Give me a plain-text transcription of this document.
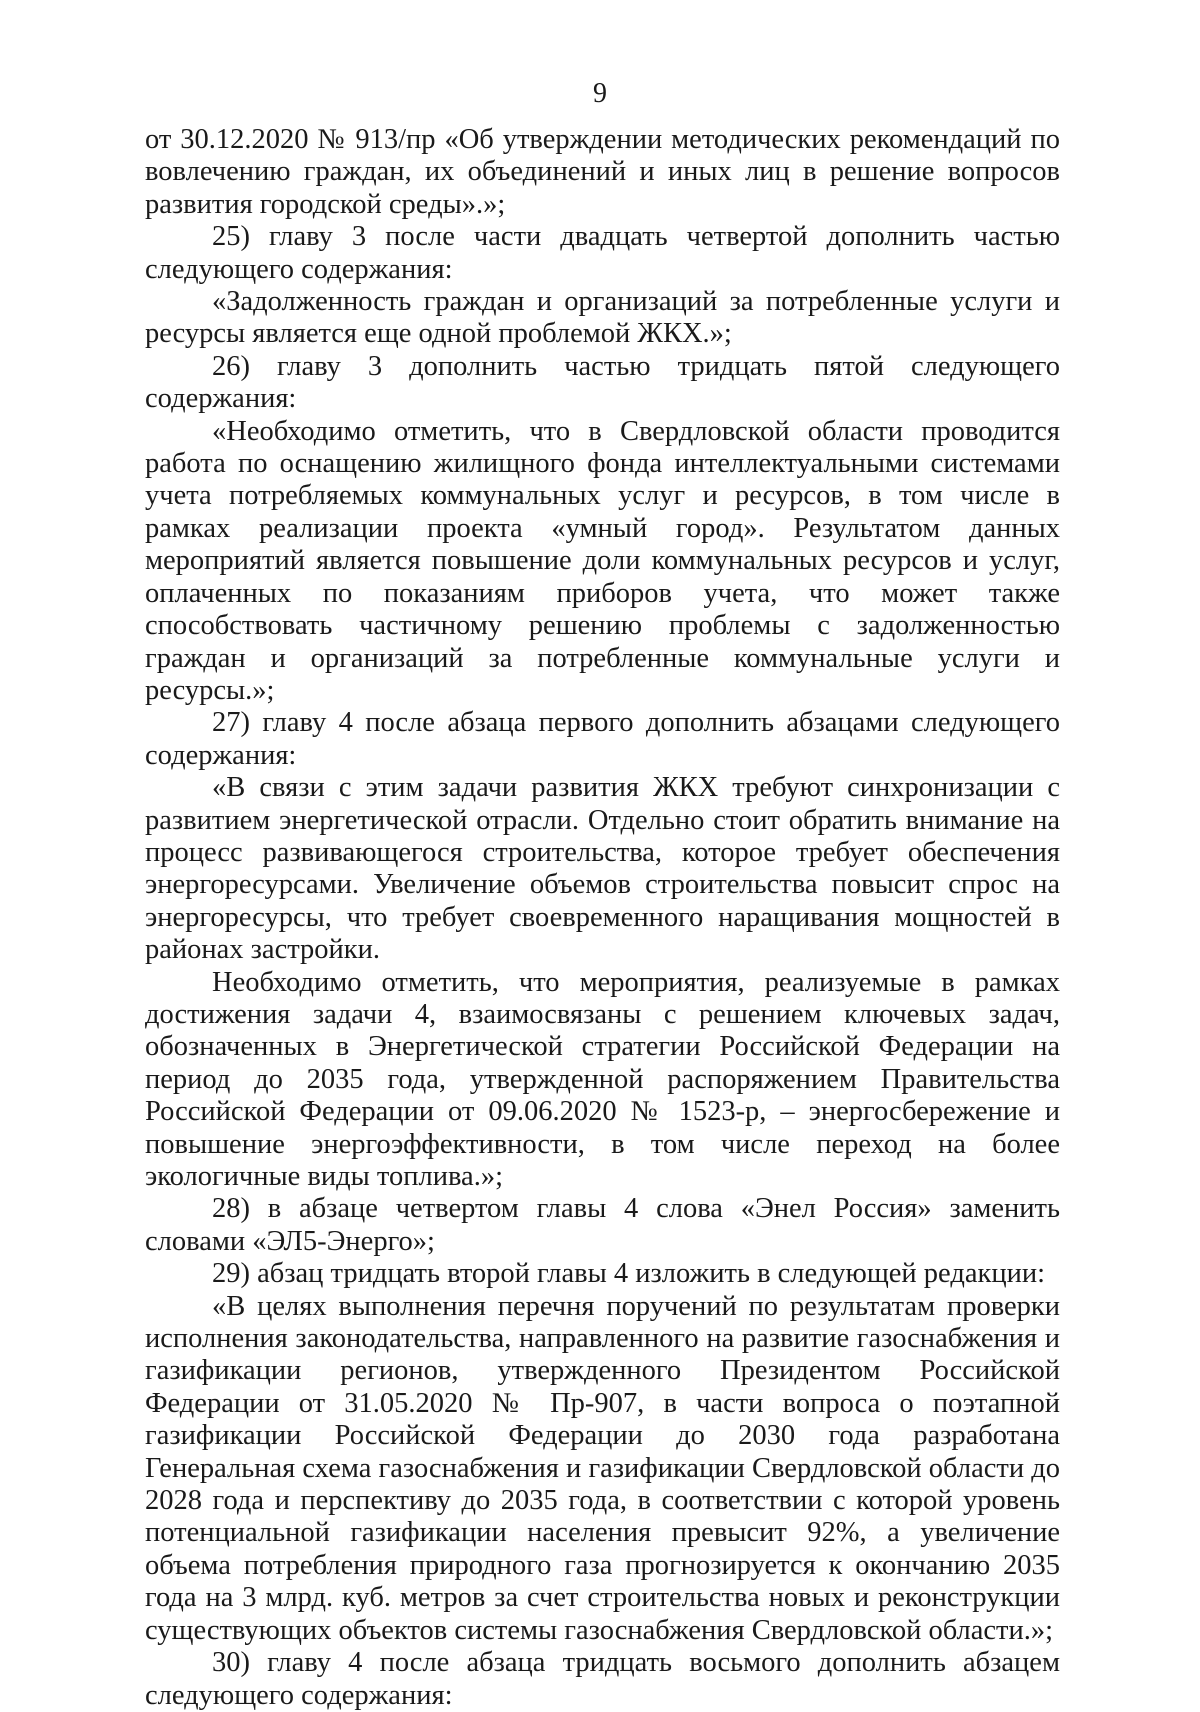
9

от 30.12.2020 № 913/пр «Об утверждении методических рекомендаций по вовлечению граждан, их объединений и иных лиц в решение вопросов развития городской среды».»;

25) главу 3 после части двадцать четвертой дополнить частью следующего содержания:

«Задолженность граждан и организаций за потребленные услуги и ресурсы является еще одной проблемой ЖКХ.»;

26) главу 3 дополнить частью тридцать пятой следующего содержания:

«Необходимо отметить, что в Свердловской области проводится работа по оснащению жилищного фонда интеллектуальными системами учета потребляемых коммунальных услуг и ресурсов, в том числе в рамках реализации проекта «умный город». Результатом данных мероприятий является повышение доли коммунальных ресурсов и услуг, оплаченных по показаниям приборов учета, что может также способствовать частичному решению проблемы с задолженностью граждан и организаций за потребленные коммунальные услуги и ресурсы.»;

27) главу 4 после абзаца первого дополнить абзацами следующего содержания:

«В связи с этим задачи развития ЖКХ требуют синхронизации с развитием энергетической отрасли. Отдельно стоит обратить внимание на процесс развивающегося строительства, которое требует обеспечения энергоресурсами. Увеличение объемов строительства повысит спрос на энергоресурсы, что требует своевременного наращивания мощностей в районах застройки.

Необходимо отметить, что мероприятия, реализуемые в рамках достижения задачи 4, взаимосвязаны с решением ключевых задач, обозначенных в Энергетической стратегии Российской Федерации на период до 2035 года, утвержденной распоряжением Правительства Российской Федерации от 09.06.2020 № 1523-р, – энергосбережение и повышение энергоэффективности, в том числе переход на более экологичные виды топлива.»;

28) в абзаце четвертом главы 4 слова «Энел Россия» заменить словами «ЭЛ5-Энерго»;

29) абзац тридцать второй главы 4 изложить в следующей редакции:

«В целях выполнения перечня поручений по результатам проверки исполнения законодательства, направленного на развитие газоснабжения и газификации регионов, утвержденного Президентом Российской Федерации от 31.05.2020 № Пр-907, в части вопроса о поэтапной газификации Российской Федерации до 2030 года разработана Генеральная схема газоснабжения и газификации Свердловской области до 2028 года и перспективу до 2035 года, в соответствии с которой уровень потенциальной газификации населения превысит 92%, а увеличение объема потребления природного газа прогнозируется к окончанию 2035 года на 3 млрд. куб. метров за счет строительства новых и реконструкции существующих объектов системы газоснабжения Свердловской области.»;

30) главу 4 после абзаца тридцать восьмого дополнить абзацем следующего содержания:
